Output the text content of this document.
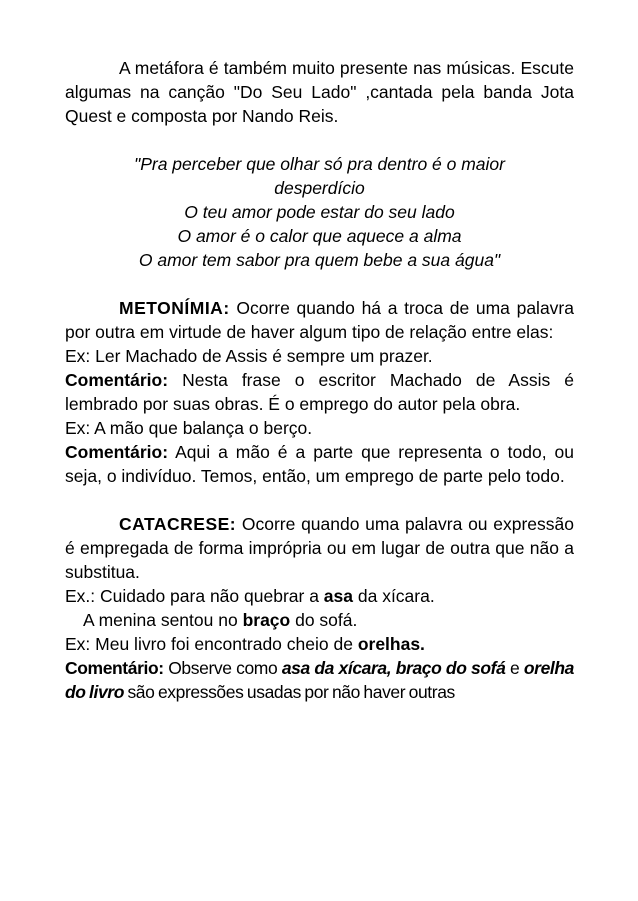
A metáfora é também muito presente nas músicas. Escute algumas na canção "Do Seu Lado" ,cantada pela banda Jota Quest e composta por Nando Reis.

"Pra perceber que olhar só pra dentro é o maior
desperdício
O teu amor pode estar do seu lado
O amor é o calor que aquece a alma
O amor tem sabor pra quem bebe a sua água"

METONÍMIA: Ocorre quando há a troca de uma palavra por outra em virtude de haver algum tipo de relação entre elas:

Ex: Ler Machado de Assis é sempre um prazer.

Comentário: Nesta frase o escritor Machado de Assis é lembrado por suas obras. É o emprego do autor pela obra.

Ex: A mão que balança o berço.

Comentário: Aqui a mão é a parte que representa o todo, ou seja, o indivíduo. Temos, então, um emprego de parte pelo todo.

CATACRESE: Ocorre quando uma palavra ou expressão é empregada de forma imprópria ou em lugar de outra que não a substitua.

Ex.: Cuidado para não quebrar a asa da xícara.

A menina sentou no braço do sofá.

Ex: Meu livro foi encontrado cheio de orelhas.

Comentário: Observe como asa da xícara, braço do sofá e orelha do livro são expressões usadas por não haver outras
